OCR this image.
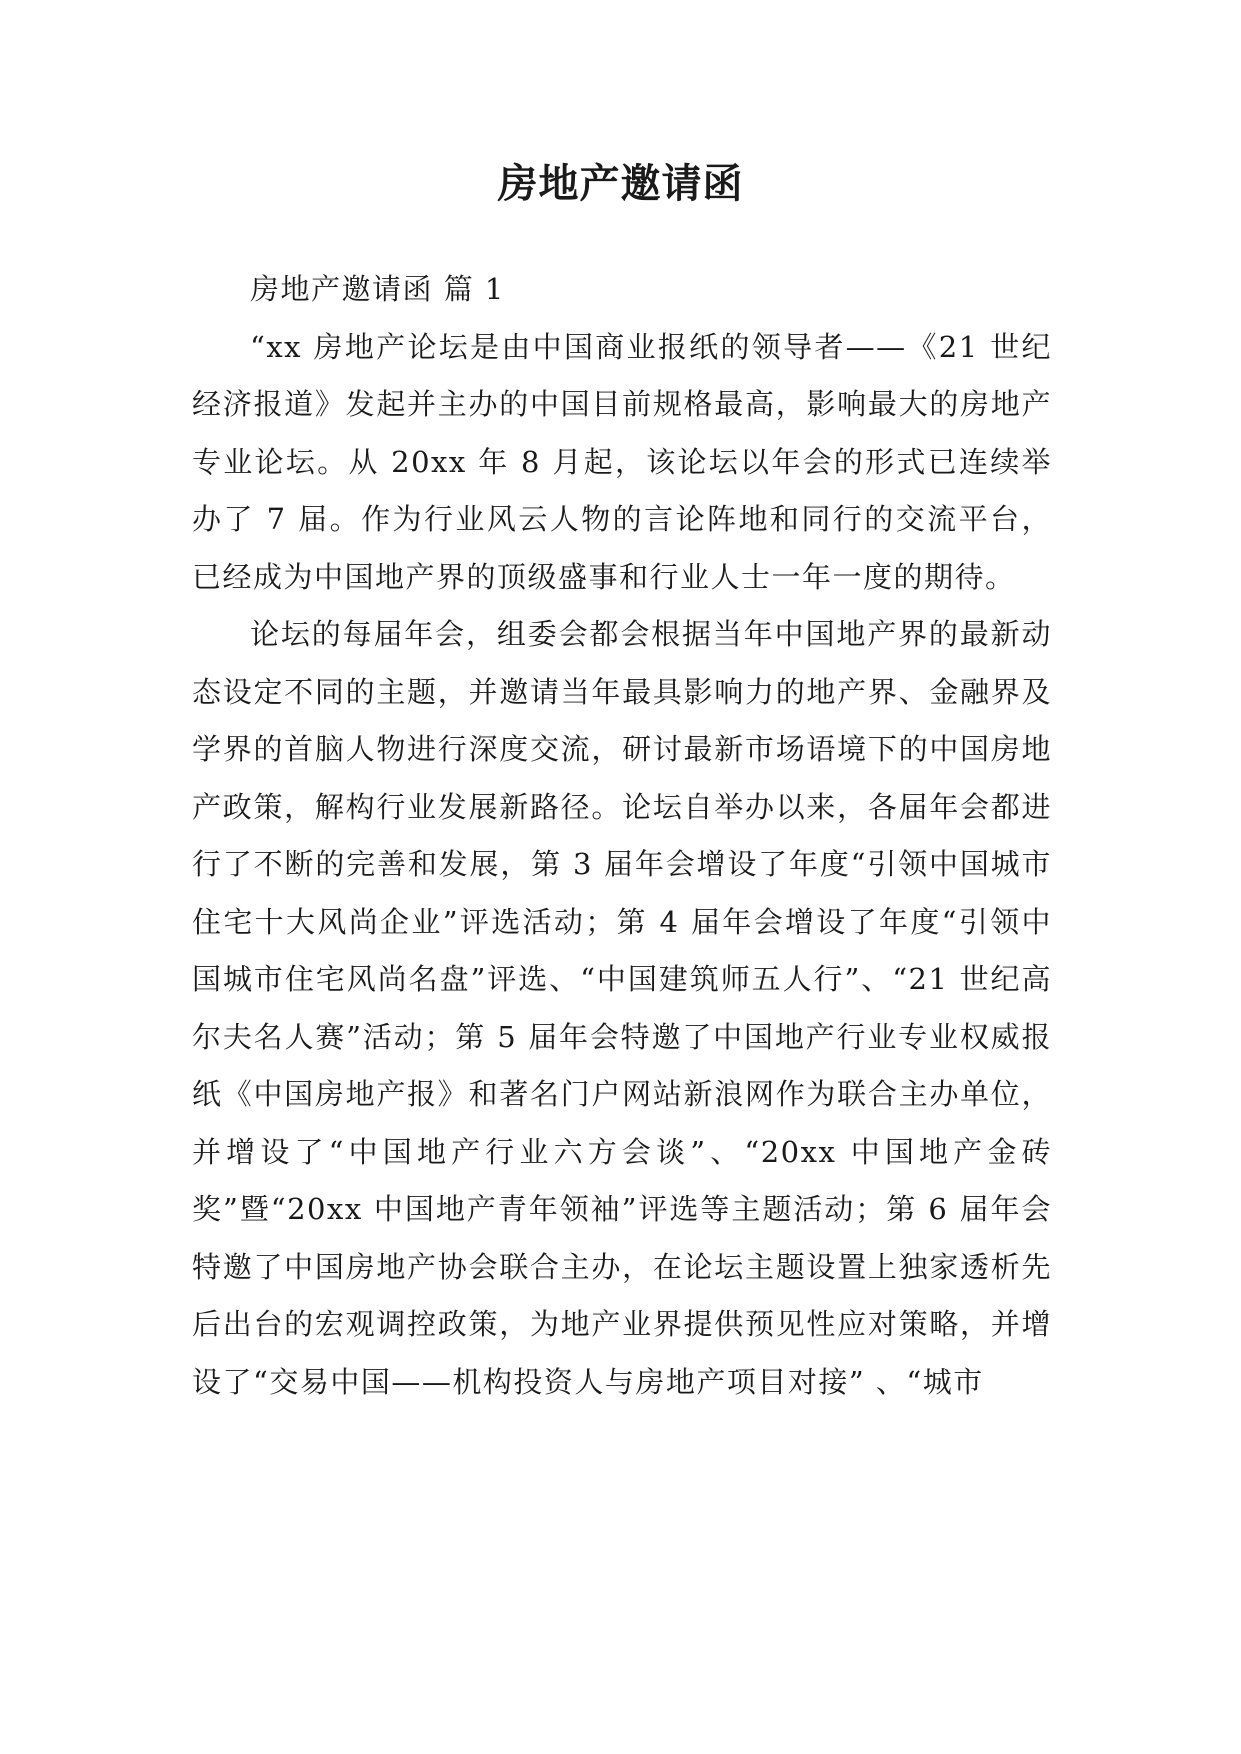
房地产邀请函

房地产邀请函 篇 1

“xx 房地产论坛是由中国商业报纸的领导者——《21 世纪经济报道》发起并主办的中国目前规格最高，影响最大的房地产专业论坛。从 20xx 年 8 月起，该论坛以年会的形式已连续举办了 7 届。作为行业风云人物的言论阵地和同行的交流平台，已经成为中国地产界的顶级盛事和行业人士一年一度的期待。

论坛的每届年会，组委会都会根据当年中国地产界的最新动态设定不同的主题，并邀请当年最具影响力的地产界、金融界及学界的首脑人物进行深度交流，研讨最新市场语境下的中国房地产政策，解构行业发展新路径。论坛自举办以来，各届年会都进行了不断的完善和发展，第 3 届年会增设了年度“引领中国城市住宅十大风尚企业”评选活动；第 4 届年会增设了年度“引领中国城市住宅风尚名盘”评选、“中国建筑师五人行”、“21 世纪高尔夫名人赛”活动；第 5 届年会特邀了中国地产行业专业权威报纸《中国房地产报》和著名门户网站新浪网作为联合主办单位，并增设了“中国地产行业六方会谈”、“20xx 中国地产金砖奖”暨“20xx 中国地产青年领袖”评选等主题活动；第 6 届年会特邀了中国房地产协会联合主办，在论坛主题设置上独家透析先后出台的宏观调控政策，为地产业界提供预见性应对策略，并增设了“交易中国——机构投资人与房地产项目对接” 、“城市
